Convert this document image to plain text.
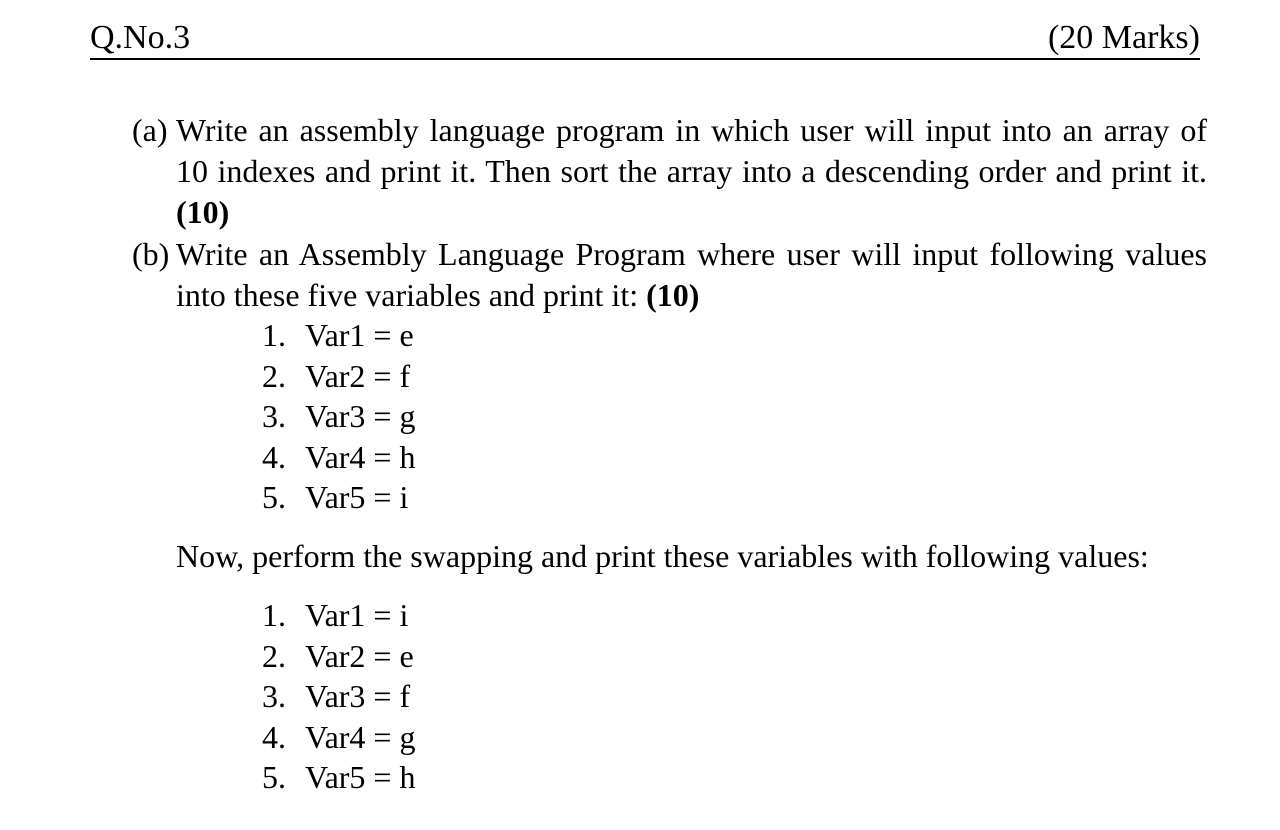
Q.No.3	(20 Marks)
(a) Write an assembly language program in which user will input into an array of 10 indexes and print it. Then sort the array into a descending order and print it. (10)
(b) Write an Assembly Language Program where user will input following values into these five variables and print it: (10)
1. Var1 = e
2. Var2 = f
3. Var3 = g
4. Var4 = h
5. Var5 = i
Now, perform the swapping and print these variables with following values:
1. Var1 = i
2. Var2 = e
3. Var3 = f
4. Var4 = g
5. Var5 = h
